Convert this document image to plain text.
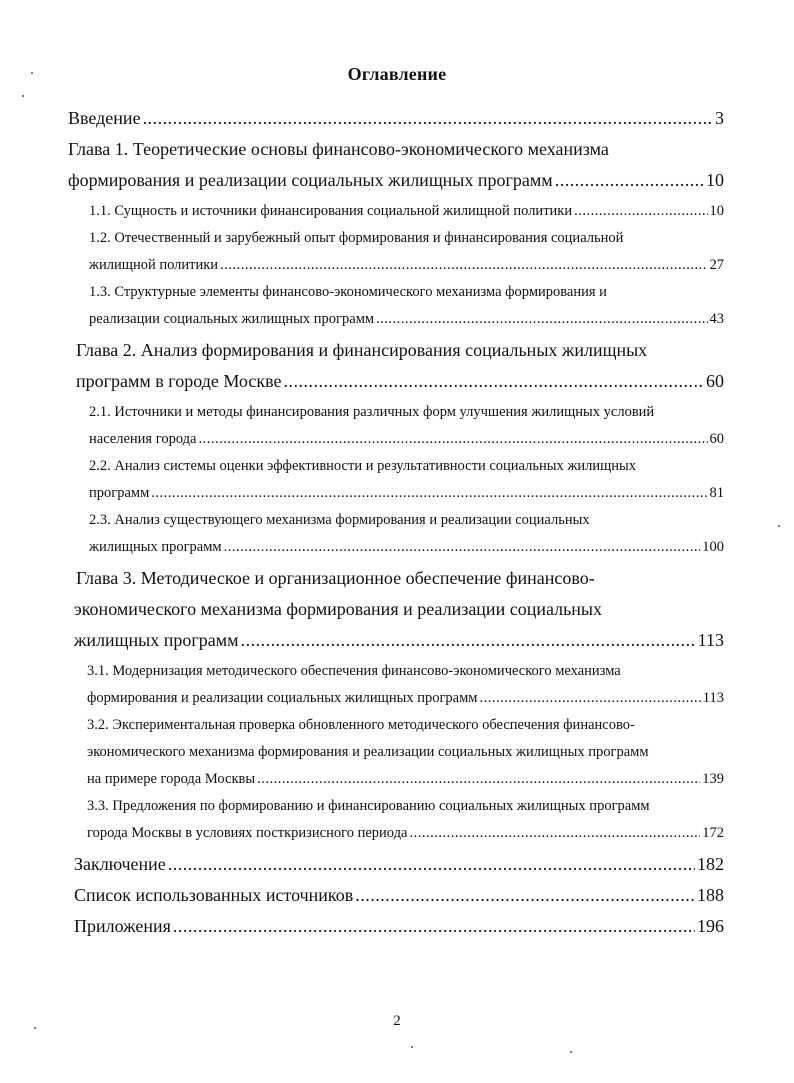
Оглавление
Введение .....	3
Глава 1. Теоретические основы финансово-экономического механизма
формирования и реализации социальных жилищных программ .....	10
1.1. Сущность и источники финансирования социальной жилищной политики .....	10
1.2. Отечественный и зарубежный опыт формирования и финансирования социальной
жилищной политики .....	27
1.3. Структурные элементы финансово-экономического механизма формирования и
реализации социальных жилищных программ .....	43
Глава 2. Анализ формирования и финансирования социальных жилищных
программ в городе Москве .....	60
2.1. Источники и методы финансирования различных форм улучшения жилищных условий
населения города .....	60
2.2. Анализ системы оценки эффективности и результативности социальных жилищных
программ .....	81
2.3. Анализ существующего механизма формирования и реализации социальных
жилищных программ .....	100
Глава 3. Методическое и организационное обеспечение финансово-
экономического механизма формирования и реализации социальных
жилищных программ .....	113
3.1. Модернизация методического обеспечения финансово-экономического механизма
формирования и реализации социальных жилищных программ .....	113
3.2. Экспериментальная проверка обновленного методического обеспечения финансово-
экономического механизма формирования и реализации социальных жилищных программ
на примере города Москвы .....	139
3.3. Предложения по формированию и финансированию социальных жилищных программ
города Москвы в условиях посткризисного периода .....	172
Заключение .....	182
Список использованных источников .....	188
Приложения .....	196
2
